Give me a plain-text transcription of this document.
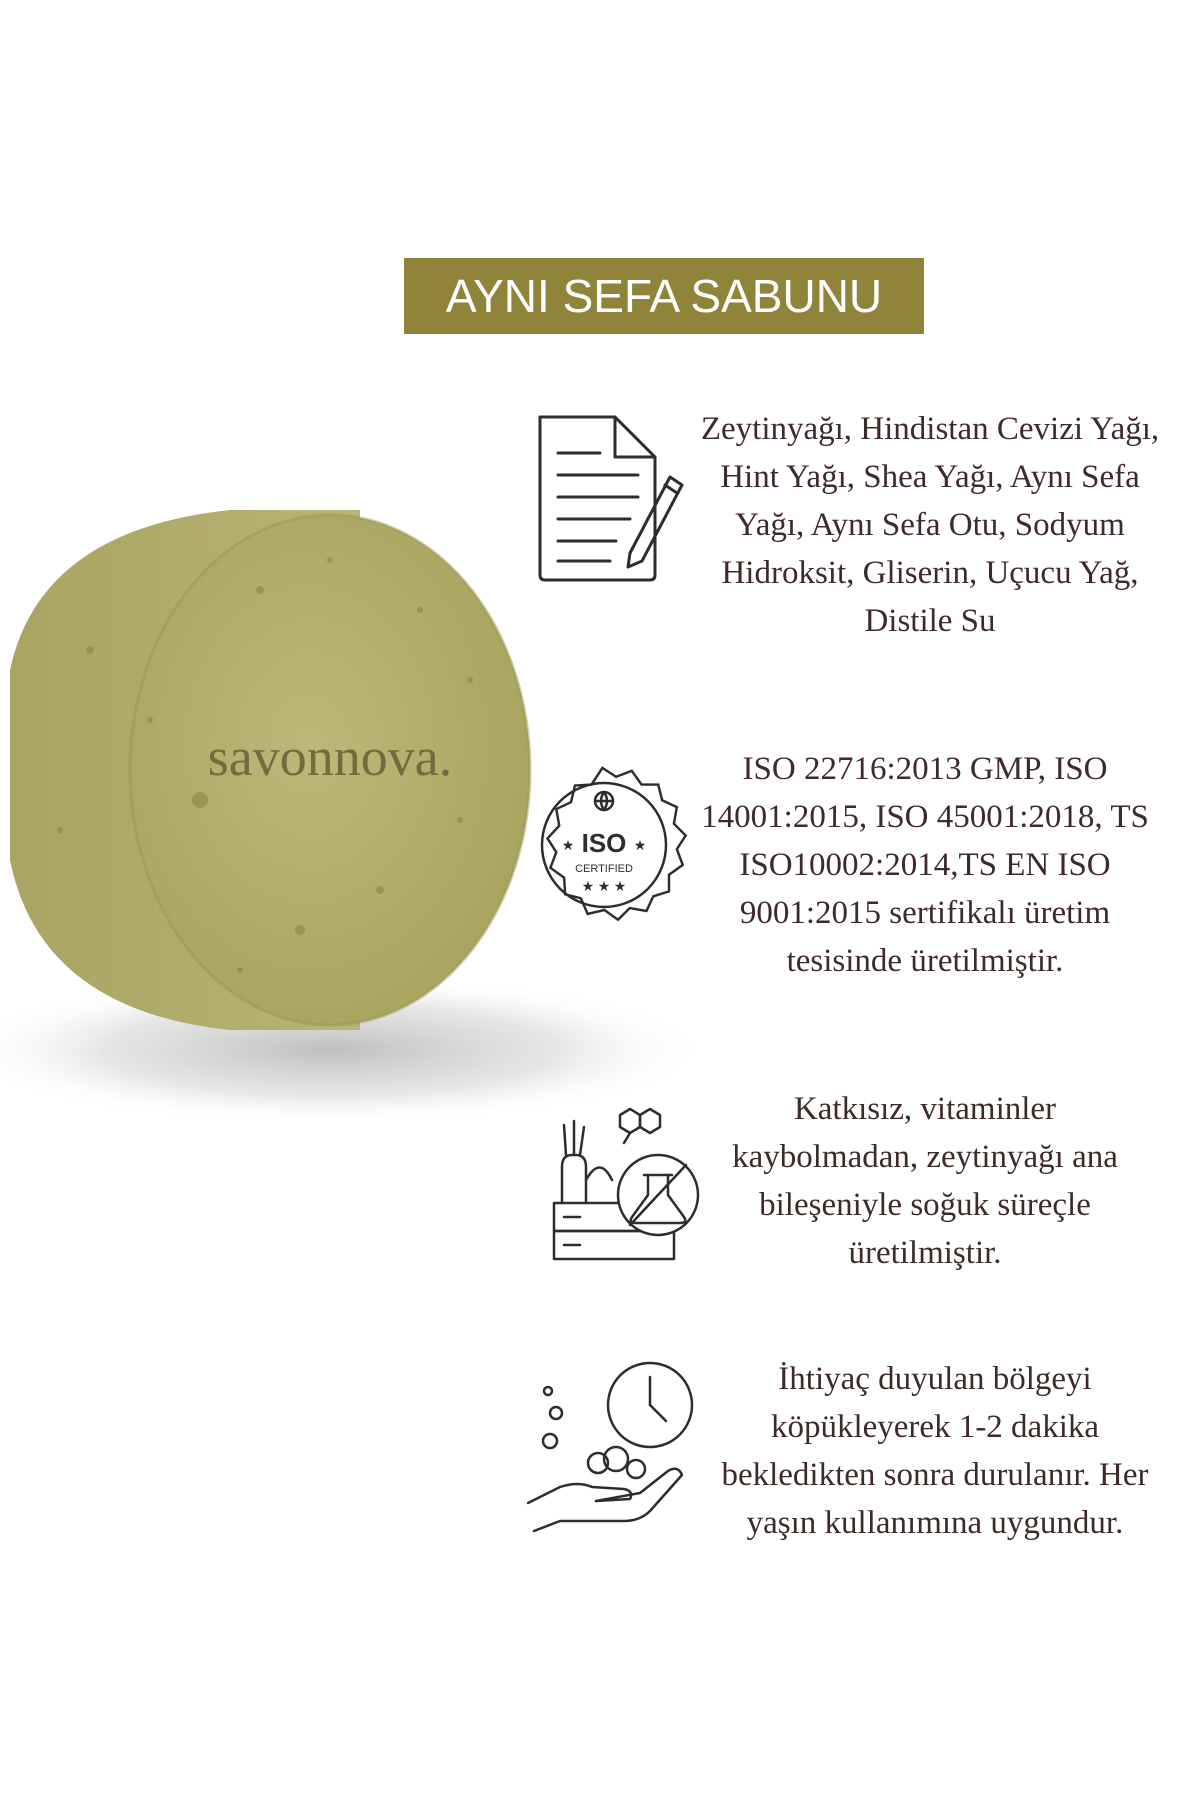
AYNI SEFA SABUNU
savonnova.
Zeytinyağı, Hindistan Cevizi Yağı, Hint Yağı, Shea Yağı, Aynı Sefa Yağı, Aynı Sefa Otu, Sodyum Hidroksit, Gliserin, Uçucu Yağ, Distile Su
ISO
★	★
CERTIFIED
★ ★ ★
ISO 22716:2013 GMP, ISO 14001:2015, ISO 45001:2018, TS ISO10002:2014,TS EN ISO 9001:2015 sertifikalı üretim tesisinde üretilmiştir.
Katkısız, vitaminler kaybolmadan, zeytinyağı ana bileşeniyle soğuk süreçle üretilmiştir.
İhtiyaç duyulan bölgeyi köpükleyerek 1-2 dakika bekledikten sonra durulanır. Her yaşın kullanımına uygundur.
